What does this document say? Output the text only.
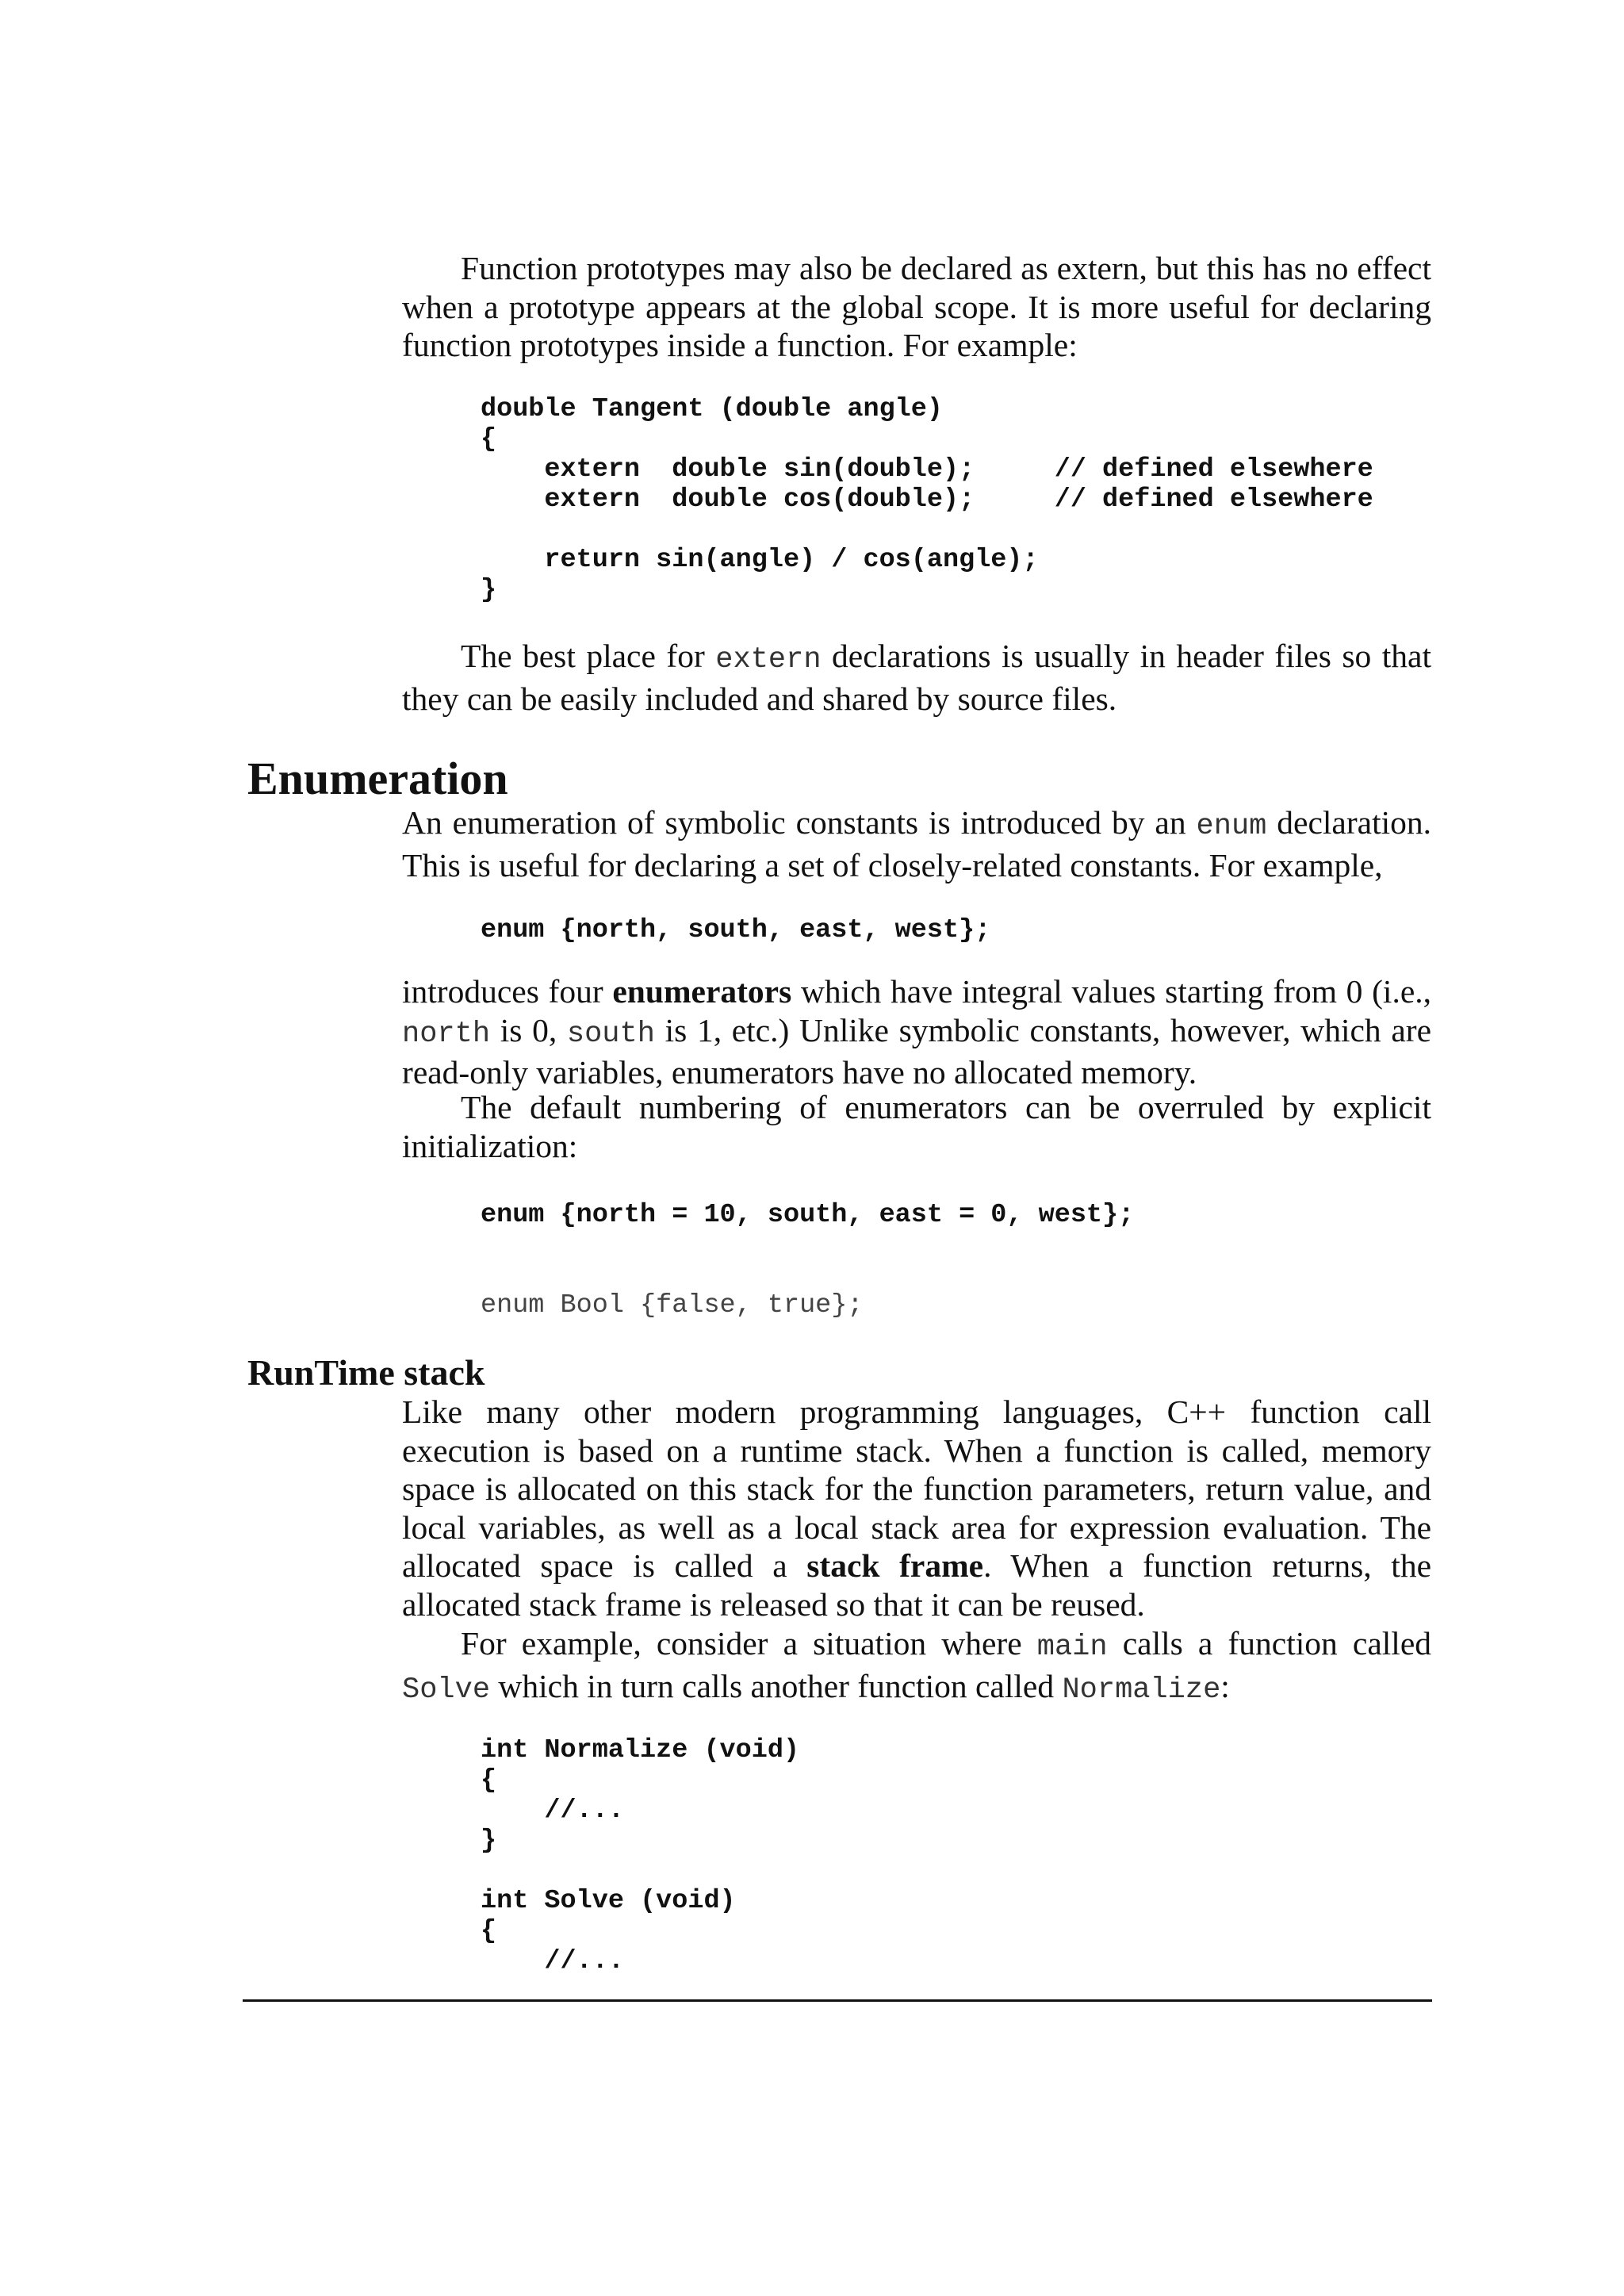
Function prototypes may also be declared as extern, but this has no effect when a prototype appears at the global scope. It is more useful for declaring function prototypes inside a function. For example:

double Tangent (double angle)
{
extern  double sin(double);     // defined elsewhere
extern  double cos(double);     // defined elsewhere

return sin(angle) / cos(angle);
}

The best place for extern declarations is usually in header files so that they can be easily included and shared by source files.

Enumeration

An enumeration of symbolic constants is introduced by an enum declaration. This is useful for declaring a set of closely-related constants. For example,

enum {north, south, east, west};

introduces four enumerators which have integral values starting from 0 (i.e., north is 0, south is 1, etc.) Unlike symbolic constants, however, which are read-only variables, enumerators have no allocated memory.

The default numbering of enumerators can be overruled by explicit initialization:

enum {north = 10, south, east = 0, west};
enum Bool {false, true};
RunTime stack

Like many other modern programming languages, C++ function call execution is based on a runtime stack. When a function is called, memory space is allocated on this stack for the function parameters, return value, and local variables, as well as a local stack area for expression evaluation. The allocated space is called a stack frame. When a function returns, the allocated stack frame is released so that it can be reused.

For example, consider a situation where main calls a function called Solve which in turn calls another function called Normalize:

int Normalize (void)
{
//...
}

int Solve (void)
{
//...
